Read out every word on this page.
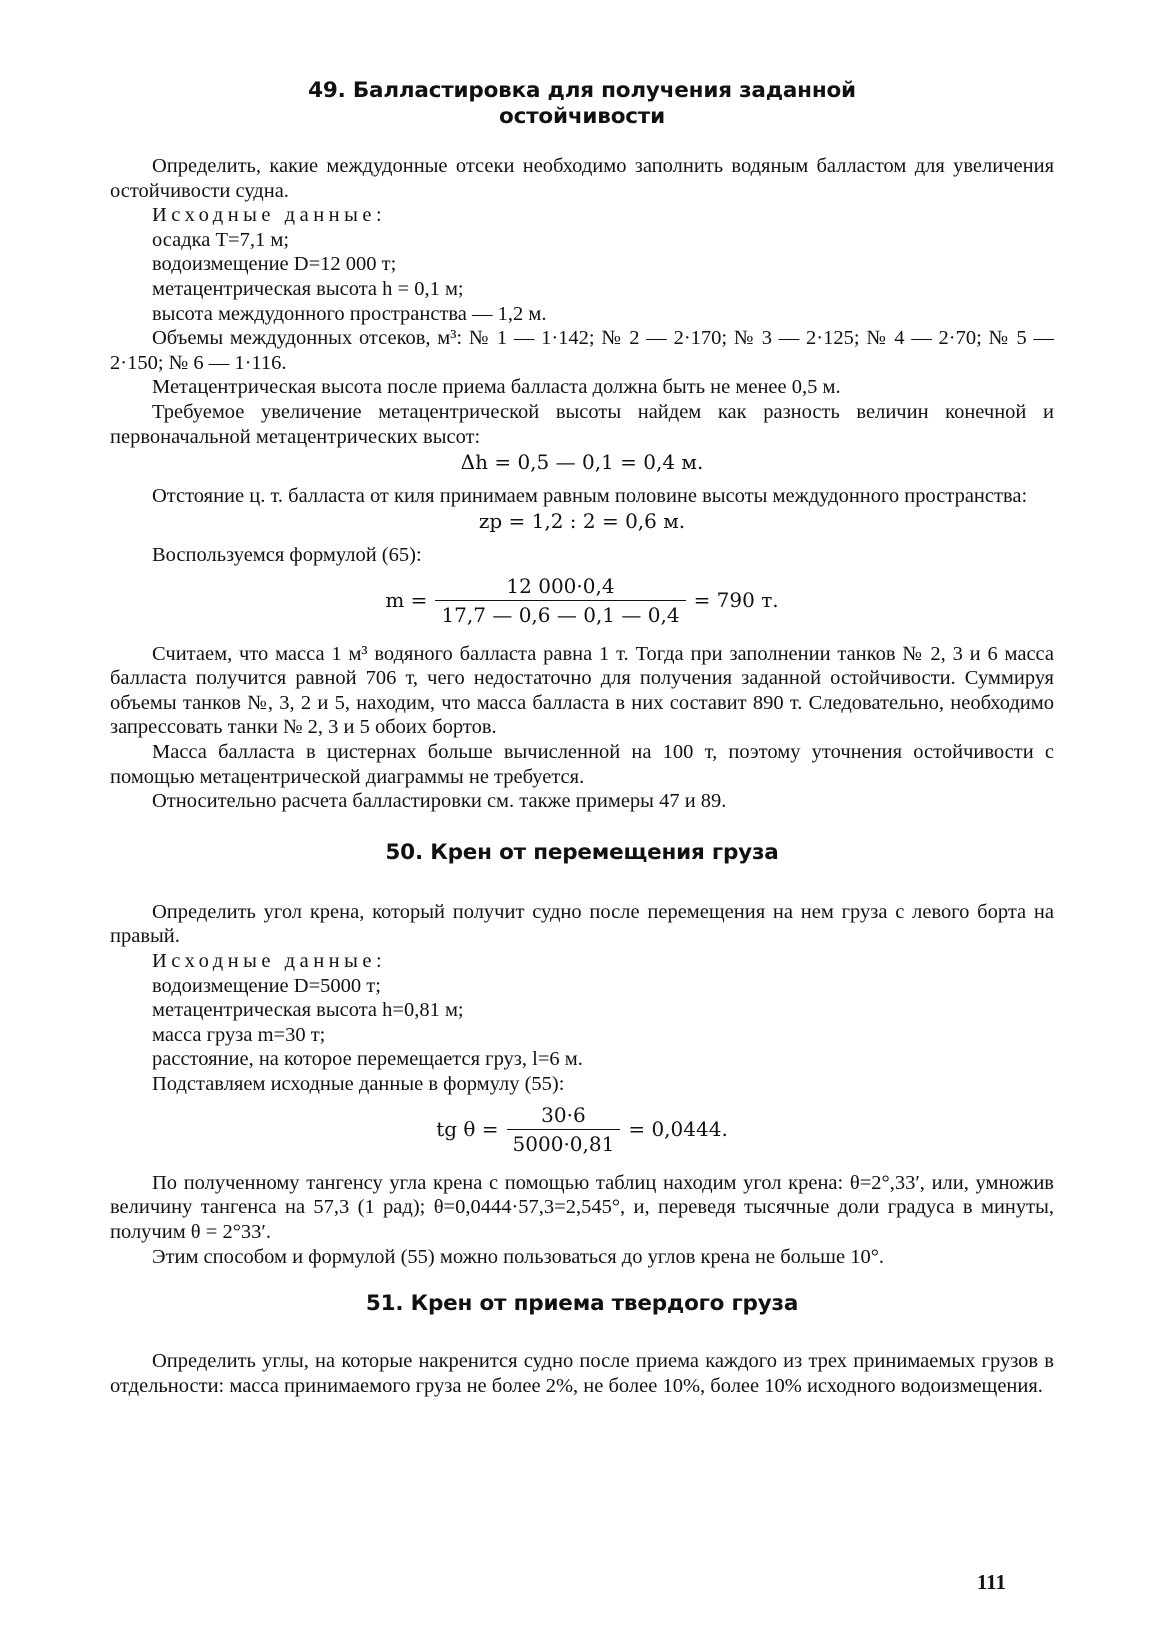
49. Балластировка для получения заданной
остойчивости

Определить, какие междудонные отсеки необходимо заполнить водяным балластом для увеличения остойчивости судна.

Исходные данные:

осадка T=7,1 м;

водоизмещение D=12 000 т;

метацентрическая высота h = 0,1 м;

высота междудонного пространства — 1,2 м.

Объемы междудонных отсеков, м³: № 1 — 1·142; № 2 — 2·170; № 3 — 2·125; № 4 — 2·70; № 5 — 2·150; № 6 — 1·116.

Метацентрическая высота после приема балласта должна быть не менее 0,5 м.

Требуемое увеличение метацентрической высоты найдем как разность величин конечной и первоначальной метацентрических высот:

Δh = 0,5 — 0,1 = 0,4 м.

Отстояние ц. т. балласта от киля принимаем равным половине высоты междудонного пространства:

zp = 1,2 : 2 = 0,6 м.

Воспользуемся формулой (65):

$m = \frac{12 000\cdot 0,4}{17,7 — 0,6 — 0,1 — 0,4} = 790$ т.

Считаем, что масса 1 м³ водяного балласта равна 1 т. Тогда при заполнении танков № 2, 3 и 6 масса балласта получится равной 706 т, чего недостаточно для получения заданной остойчивости. Суммируя объемы танков №, 3, 2 и 5, находим, что масса балласта в них составит 890 т. Следовательно, необходимо запрессовать танки № 2, 3 и 5 обоих бортов.

Масса балласта в цистернах больше вычисленной на 100 т, поэтому уточнения остойчивости с помощью метацентрической диаграммы не требуется.

Относительно расчета балластировки см. также примеры 47 и 89.

50. Крен от перемещения груза

Определить угол крена, который получит судно после перемещения на нем груза с левого борта на правый.

Исходные данные:

водоизмещение D=5000 т;

метацентрическая высота h=0,81 м;

масса груза m=30 т;

расстояние, на которое перемещается груз, l=6 м.

Подставляем исходные данные в формулу (55):

tg $\theta = \frac{30\cdot 6}{5000\cdot 0,81} = 0,0444$.

По полученному тангенсу угла крена с помощью таблиц находим угол крена: θ=2°,33′, или, умножив величину тангенса на 57,3 (1 рад); θ=0,0444·57,3=2,545°, и, переведя тысячные доли градуса в минуты, получим θ = 2°33′.

Этим способом и формулой (55) можно пользоваться до углов крена не больше 10°.

51. Крен от приема твердого груза

Определить углы, на которые накренится судно после приема каждого из трех принимаемых грузов в отдельности: масса принимаемого груза не более 2%, не более 10%, более 10% исходного водоизмещения.

111
